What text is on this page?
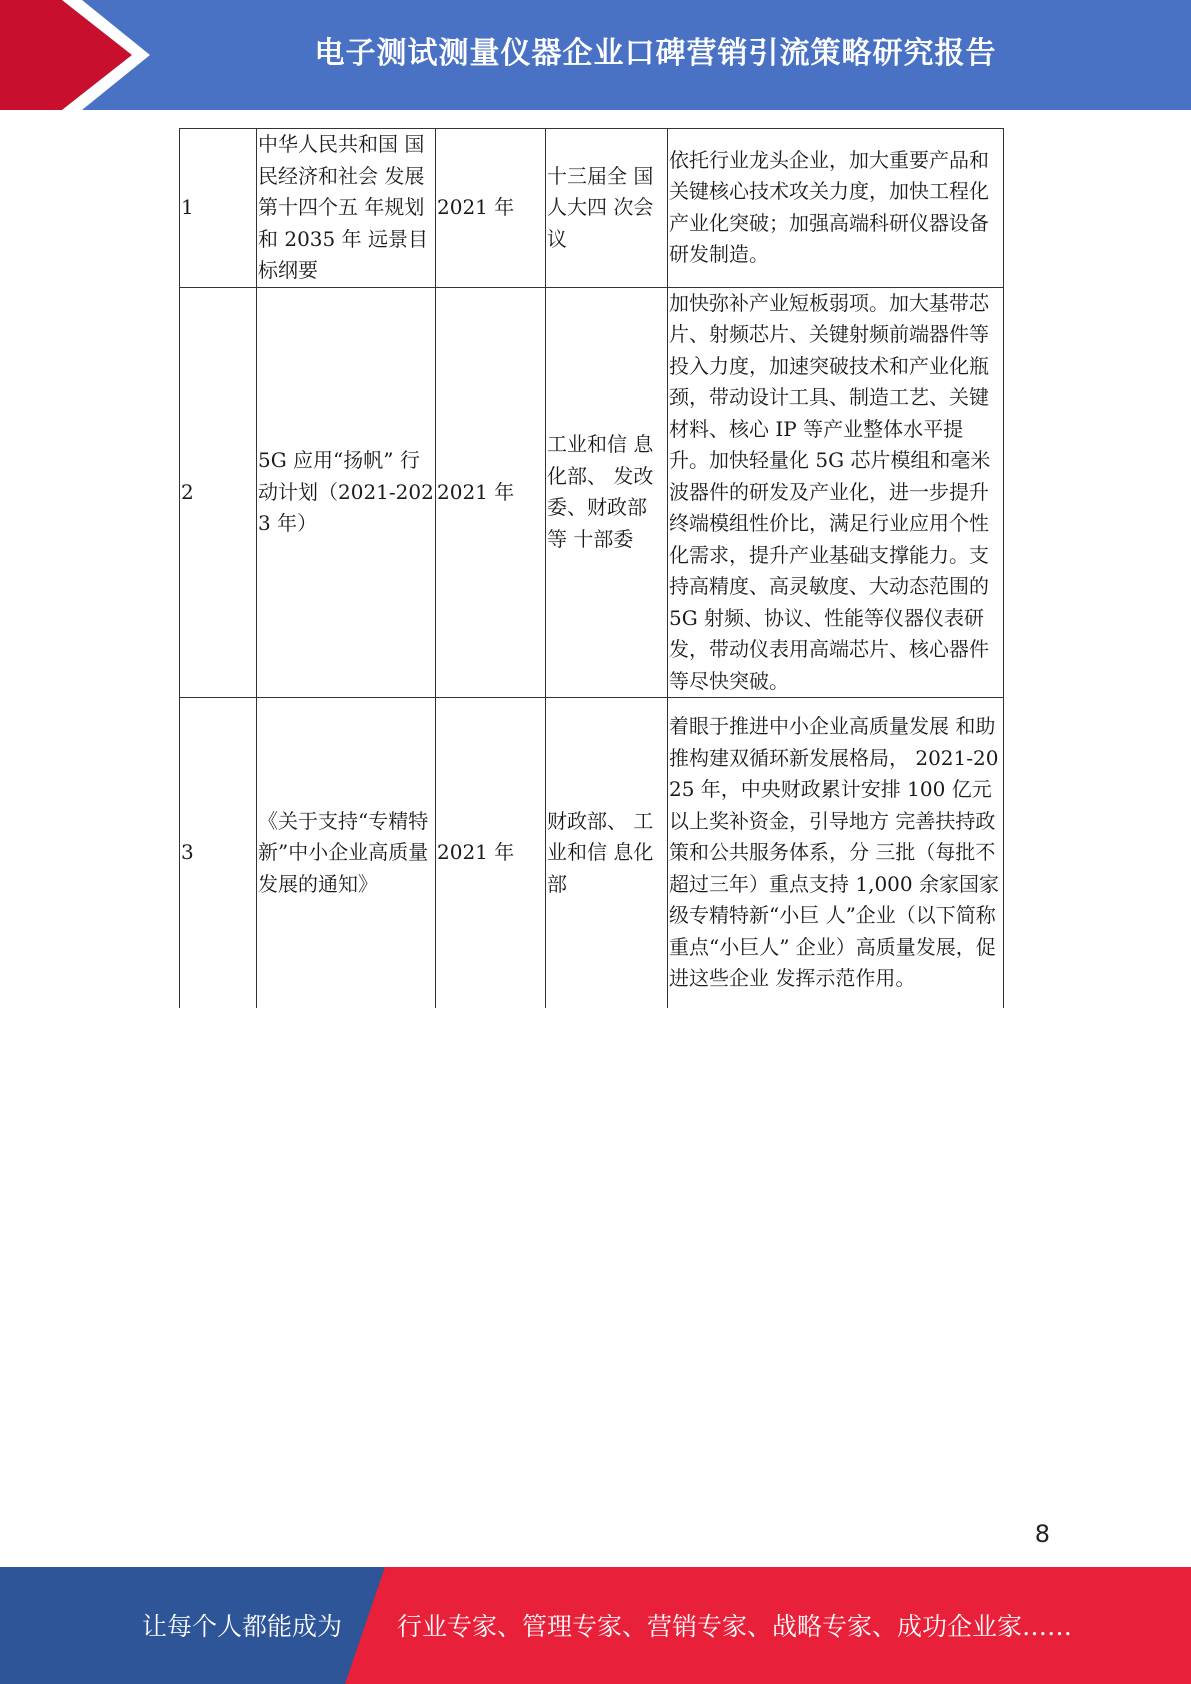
电子测试测量仪器企业口碑营销引流策略研究报告
1	中华人民共和国 国民经济和社会 发展第十四个五 年规划和 2035 年 远景目标纲要	2021 年	十三届全 国人大四 次会议	依托行业龙头企业，加大重要产品和关键核心技术攻关力度，加快工程化产业化突破；加强高端科研仪器设备研发制造。
2	5G 应用“扬帆” 行动计划（2021-2023 年）	2021 年	工业和信 息化部、 发改委、财政部等 十部委	加快弥补产业短板弱项。加大基带芯片、射频芯片、关键射频前端器件等投入力度，加速突破技术和产业化瓶颈，带动设计工具、制造工艺、关键材料、核心 IP 等产业整体水平提升。加快轻量化 5G 芯片模组和毫米波器件的研发及产业化，进一步提升终端模组性价比，满足行业应用个性化需求，提升产业基础支撑能力。支持高精度、高灵敏度、大动态范围的 5G 射频、协议、性能等仪器仪表研发，带动仪表用高端芯片、核心器件等尽快突破。
3	《关于支持“专精特新”中小企业高质量发展的通知》	2021 年	财政部、 工业和信 息化部	着眼于推进中小企业高质量发展 和助推构建双循环新发展格局， 2021-2025 年，中央财政累计安排 100 亿元以上奖补资金，引导地方 完善扶持政策和公共服务体系，分 三批（每批不超过三年）重点支持 1,000 余家国家级专精特新“小巨 人”企业（以下简称重点“小巨人” 企业）高质量发展，促进这些企业 发挥示范作用。
8
让每个人都能成为 行业专家、管理专家、营销专家、战略专家、成功企业家……
